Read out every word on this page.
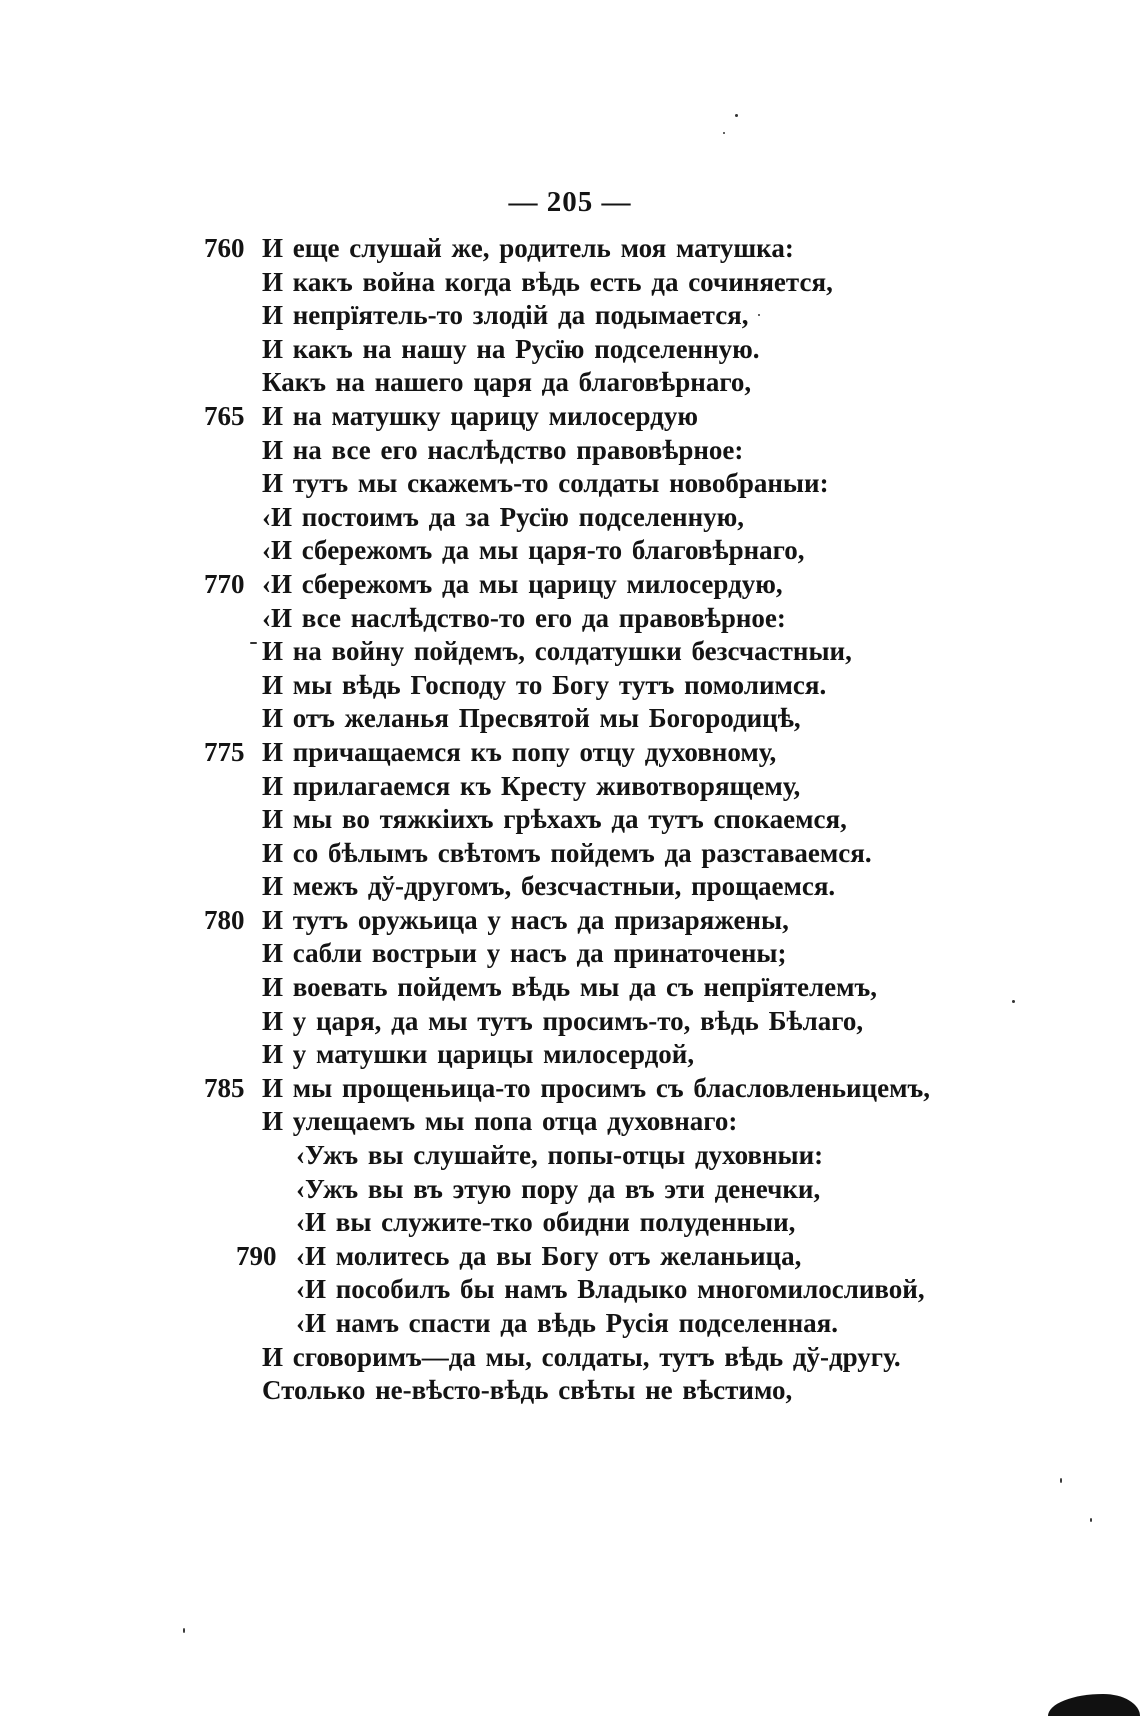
— 205 —
760 И еще слушай же, родитель моя матушка:
И какъ война когда вѣдь есть да сочиняется,
И непрїятель-то злодій да подымается,
И какъ на нашу на Русїю подселенную.
Какъ на нашего царя да благовѣрнаго,
765 И на матушку царицу милосердую
И на все его наслѣдство правовѣрное:
И тутъ мы скажемъ-то солдаты новобраныи:
‹И постоимъ да за Русїю подселенную,
‹И сбережомъ да мы царя-то благовѣрнаго,
770 ‹И сбережомъ да мы царицу милосердую,
‹И все наслѣдство-то его да правовѣрное:
И на войну пойдемъ, солдатушки безсчастныи,
И мы вѣдь Господу то Богу тутъ помолимся.
И отъ желанья Пресвятой мы Богородицѣ,
775 И причащаемся къ попу отцу духовному,
И прилагаемся къ Кресту животворящему,
И мы во тяжкіихъ грѣхахъ да тутъ спокаемся,
И со бѣлымъ свѣтомъ пойдемъ да разставаемся.
И межъ дў-другомъ, безсчастныи, прощаемся.
780 И тутъ оружьица у насъ да призаряжены,
И сабли вострыи у насъ да принаточены;
И воевать пойдемъ вѣдь мы да съ непрїятелемъ,
И у царя, да мы тутъ просимъ-то, вѣдь Бѣлаго,
И у матушки царицы милосердой,
785 И мы прощеньица-то просимъ съ бласловленьицемъ,
И улещаемъ мы попа отца духовнаго:
‹Ужъ вы слушайте, попы-отцы духовныи:
‹Ужъ вы въ этую пору да въ эти денечки,
‹И вы служите-тко обидни полуденныи,
790 ‹И молитесь да вы Богу отъ желаньица,
‹И пособилъ бы намъ Владыко многомилосливой,
‹И намъ спасти да вѣдь Русія подселенная.
И сговоримъ—да мы, солдаты, тутъ вѣдь дў-другу.
Столько не-вѣсто-вѣдь свѣты не вѣстимо,
